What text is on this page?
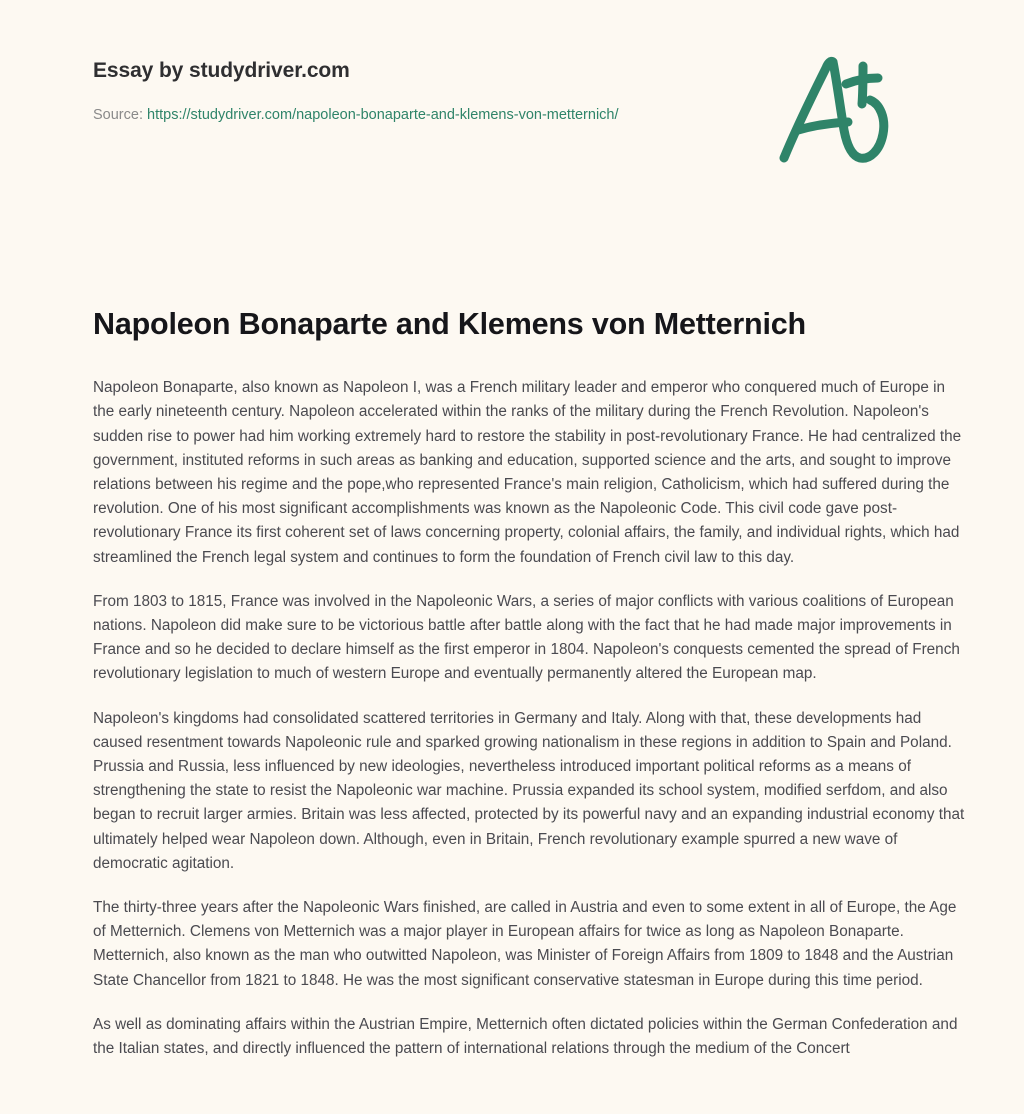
Essay by studydriver.com
Source: https://studydriver.com/napoleon-bonaparte-and-klemens-von-metternich/
Napoleon Bonaparte and Klemens von Metternich

Napoleon Bonaparte, also known as Napoleon I, was a French military leader and emperor who conquered much of Europe in the early nineteenth century. Napoleon accelerated within the ranks of the military during the French Revolution. Napoleon's sudden rise to power had him working extremely hard to restore the stability in post-revolutionary France. He had centralized the government, instituted reforms in such areas as banking and education, supported science and the arts, and sought to improve relations between his regime and the pope,who represented France's main religion, Catholicism, which had suffered during the revolution. One of his most significant accomplishments was known as the Napoleonic Code. This civil code gave post-revolutionary France its first coherent set of laws concerning property, colonial affairs, the family, and individual rights, which had streamlined the French legal system and continues to form the foundation of French civil law to this day.

From 1803 to 1815, France was involved in the Napoleonic Wars, a series of major conflicts with various coalitions of European nations. Napoleon did make sure to be victorious battle after battle along with the fact that he had made major improvements in France and so he decided to declare himself as the first emperor in 1804. Napoleon's conquests cemented the spread of French revolutionary legislation to much of western Europe and eventually permanently altered the European map.

Napoleon's kingdoms had consolidated scattered territories in Germany and Italy. Along with that, these developments had caused resentment towards Napoleonic rule and sparked growing nationalism in these regions in addition to Spain and Poland. Prussia and Russia, less influenced by new ideologies, nevertheless introduced important political reforms as a means of strengthening the state to resist the Napoleonic war machine. Prussia expanded its school system, modified serfdom, and also began to recruit larger armies. Britain was less affected, protected by its powerful navy and an expanding industrial economy that ultimately helped wear Napoleon down. Although, even in Britain, French revolutionary example spurred a new wave of democratic agitation.

The thirty-three years after the Napoleonic Wars finished, are called in Austria and even to some extent in all of Europe, the Age of Metternich. Clemens von Metternich was a major player in European affairs for twice as long as Napoleon Bonaparte. Metternich, also known as the man who outwitted Napoleon, was Minister of Foreign Affairs from 1809 to 1848 and the Austrian State Chancellor from 1821 to 1848. He was the most significant conservative statesman in Europe during this time period.

As well as dominating affairs within the Austrian Empire, Metternich often dictated policies within the German Confederation and the Italian states, and directly influenced the pattern of international relations through the medium of the Concert
